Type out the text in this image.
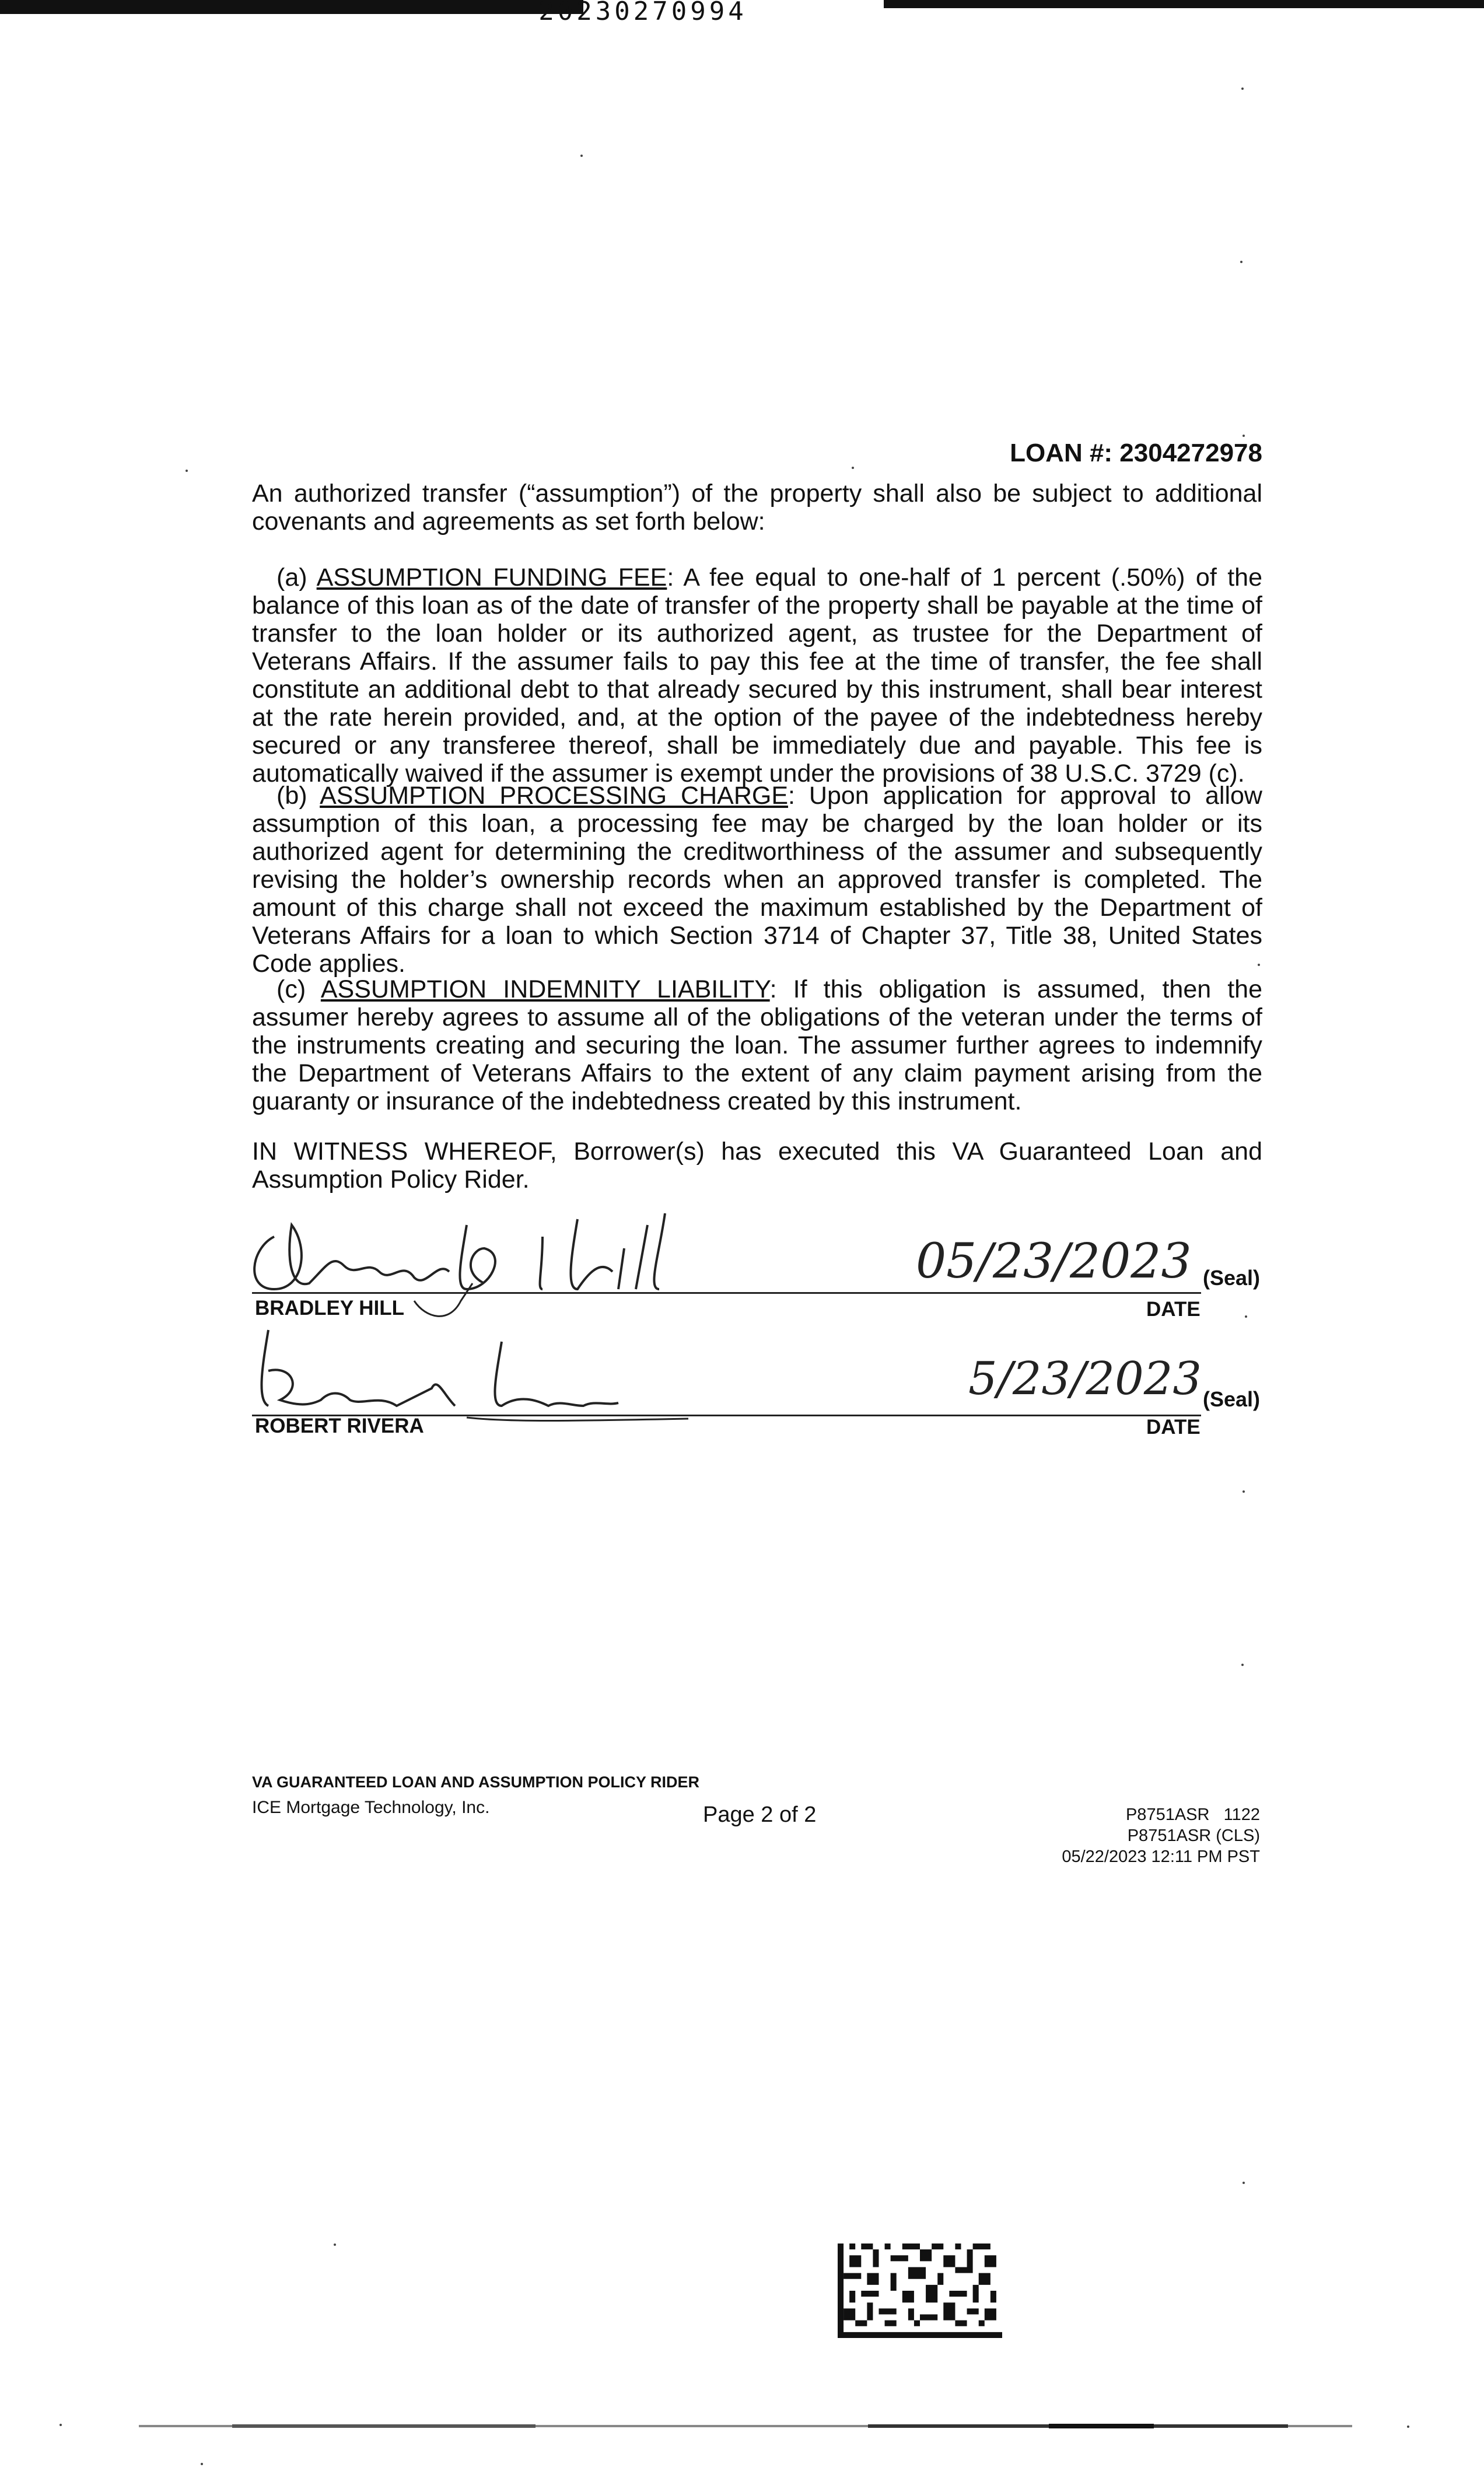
20230270994
LOAN #: 2304272978
An authorized transfer (“assumption”) of the property shall also be subject to additional covenants and agreements as set forth below:
(a) ASSUMPTION FUNDING FEE: A fee equal to one-half of 1 percent (.50%) of the balance of this loan as of the date of transfer of the property shall be payable at the time of transfer to the loan holder or its authorized agent, as trustee for the Department of Veterans Affairs. If the assumer fails to pay this fee at the time of transfer, the fee shall constitute an additional debt to that already secured by this instrument, shall bear interest at the rate herein provided, and, at the option of the payee of the indebtedness hereby secured or any transferee thereof, shall be immediately due and payable. This fee is automatically waived if the assumer is exempt under the provisions of 38 U.S.C. 3729 (c).
(b) ASSUMPTION PROCESSING CHARGE: Upon application for approval to allow assumption of this loan, a processing fee may be charged by the loan holder or its authorized agent for determining the creditworthiness of the assumer and subsequently revising the holder’s ownership records when an approved transfer is completed. The amount of this charge shall not exceed the maximum established by the Department of Veterans Affairs for a loan to which Section 3714 of Chapter 37, Title 38, United States Code applies.
(c) ASSUMPTION INDEMNITY LIABILITY: If this obligation is assumed, then the assumer hereby agrees to assume all of the obligations of the veteran under the terms of the instruments creating and securing the loan. The assumer further agrees to indemnify the Department of Veterans Affairs to the extent of any claim payment arising from the guaranty or insurance of the indebtedness created by this instrument.
IN WITNESS WHEREOF, Borrower(s) has executed this VA Guaranteed Loan and Assumption Policy Rider.
05/23/2023 (Seal)
BRADLEY HILL	DATE
5/23/2023 (Seal)
ROBERT RIVERA	DATE
VA GUARANTEED LOAN AND ASSUMPTION POLICY RIDER
ICE Mortgage Technology, Inc.	Page 2 of 2	P8751ASR   1122
P8751ASR (CLS)
05/22/2023 12:11 PM PST
